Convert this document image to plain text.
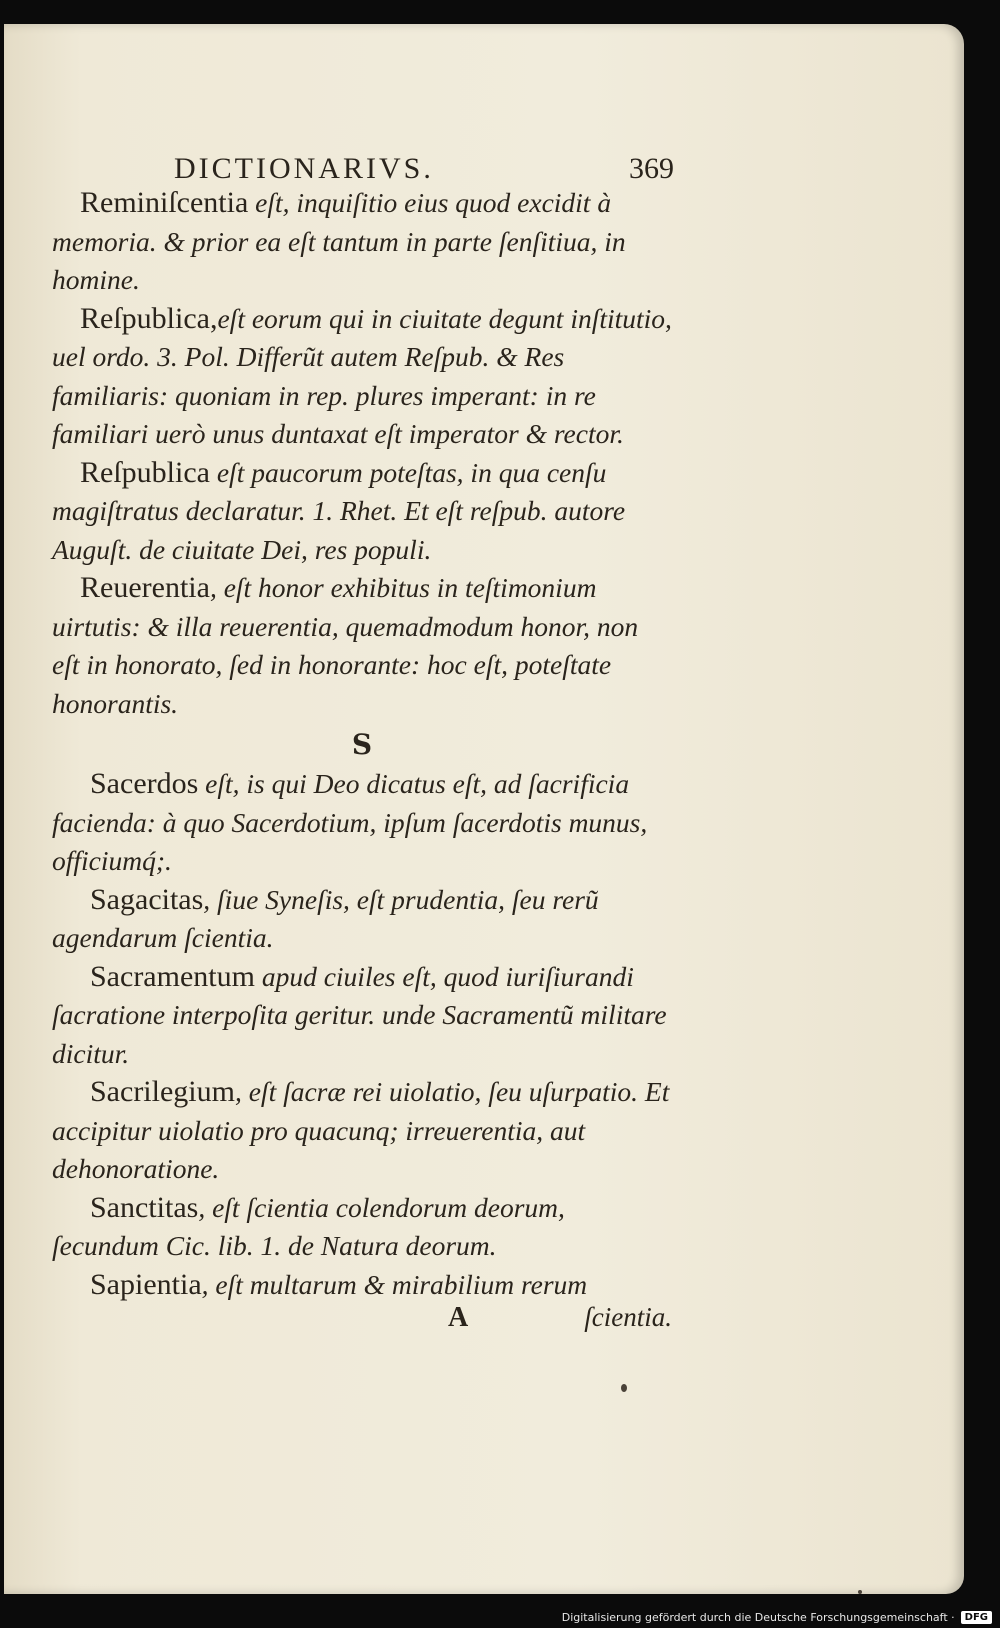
DICTIONARIVS.	369

Reminiſcentia eſt, inquiſitio eius quod excidit à memoria. & prior ea eſt tantum in parte ſenſitiua, in homine.

Reſpublica,eſt eorum qui in ciuitate degunt inſtitutio, uel ordo. 3. Pol. Differũt autem Reſpub. & Res familiaris: quoniam in rep. plures imperant: in re familiari uerò unus duntaxat eſt imperator & rector.

Reſpublica eſt paucorum poteſtas, in qua cenſu magiſtratus declaratur. 1. Rhet. Et eſt reſpub. autore Auguſt. de ciuitate Dei, res populi.

Reuerentia, eſt honor exhibitus in teſtimonium uirtutis: & illa reuerentia, quemadmodum honor, non eſt in honorato, ſed in honorante: hoc eſt, poteſtate honorantis.

S

Sacerdos eſt, is qui Deo dicatus eſt, ad ſacrificia facienda: à quo Sacerdotium, ipſum ſacerdotis munus, officiumq́;.

Sagacitas, ſiue Syneſis, eſt prudentia, ſeu rerũ agendarum ſcientia.

Sacramentum apud ciuiles eſt, quod iuriſiurandi ſacratione interpoſita geritur. unde Sacramentũ militare dicitur.

Sacrilegium, eſt ſacræ rei uiolatio, ſeu uſurpatio. Et accipitur uiolatio pro quacunq; irreuerentia, aut dehonoratione.

Sanctitas, eſt ſcientia colendorum deorum, ſecundum Cic. lib. 1. de Natura deorum.

Sapientia, eſt multarum & mirabilium rerum

A	ſcientia.
Digitalisierung gefördert durch die Deutsche Forschungsgemeinschaft ·	DFG
